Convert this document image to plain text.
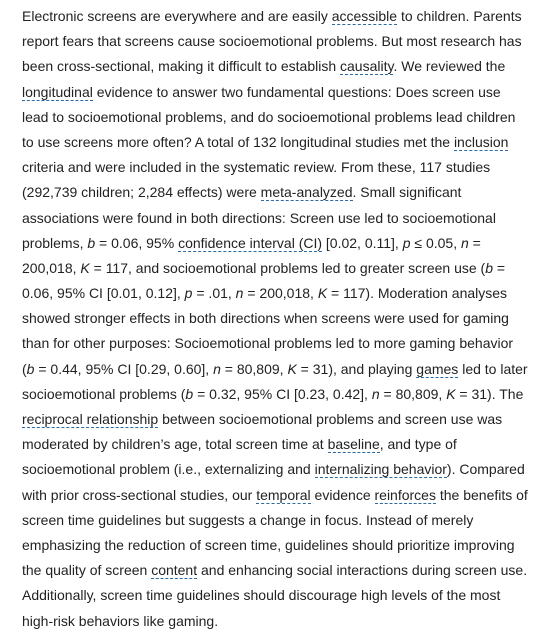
Electronic screens are everywhere and are easily accessible to children. Parents
report fears that screens cause socioemotional problems. But most research has
been cross-sectional, making it difficult to establish causality. We reviewed the
longitudinal evidence to answer two fundamental questions: Does screen use
lead to socioemotional problems, and do socioemotional problems lead children
to use screens more often? A total of 132 longitudinal studies met the inclusion
criteria and were included in the systematic review. From these, 117 studies
(292,739 children; 2,284 effects) were meta-analyzed. Small significant
associations were found in both directions: Screen use led to socioemotional
problems, b = 0.06, 95% confidence interval (CI) [0.02, 0.11], p ≤ 0.05, n =
200,018, K = 117, and socioemotional problems led to greater screen use (b =
0.06, 95% CI [0.01, 0.12], p = .01, n = 200,018, K = 117). Moderation analyses
showed stronger effects in both directions when screens were used for gaming
than for other purposes: Socioemotional problems led to more gaming behavior
(b = 0.44, 95% CI [0.29, 0.60], n = 80,809, K = 31), and playing games led to later
socioemotional problems (b = 0.32, 95% CI [0.23, 0.42], n = 80,809, K = 31). The
reciprocal relationship between socioemotional problems and screen use was
moderated by children’s age, total screen time at baseline, and type of
socioemotional problem (i.e., externalizing and internalizing behavior). Compared
with prior cross-sectional studies, our temporal evidence reinforces the benefits of
screen time guidelines but suggests a change in focus. Instead of merely
emphasizing the reduction of screen time, guidelines should prioritize improving
the quality of screen content and enhancing social interactions during screen use.
Additionally, screen time guidelines should discourage high levels of the most
high-risk behaviors like gaming.
